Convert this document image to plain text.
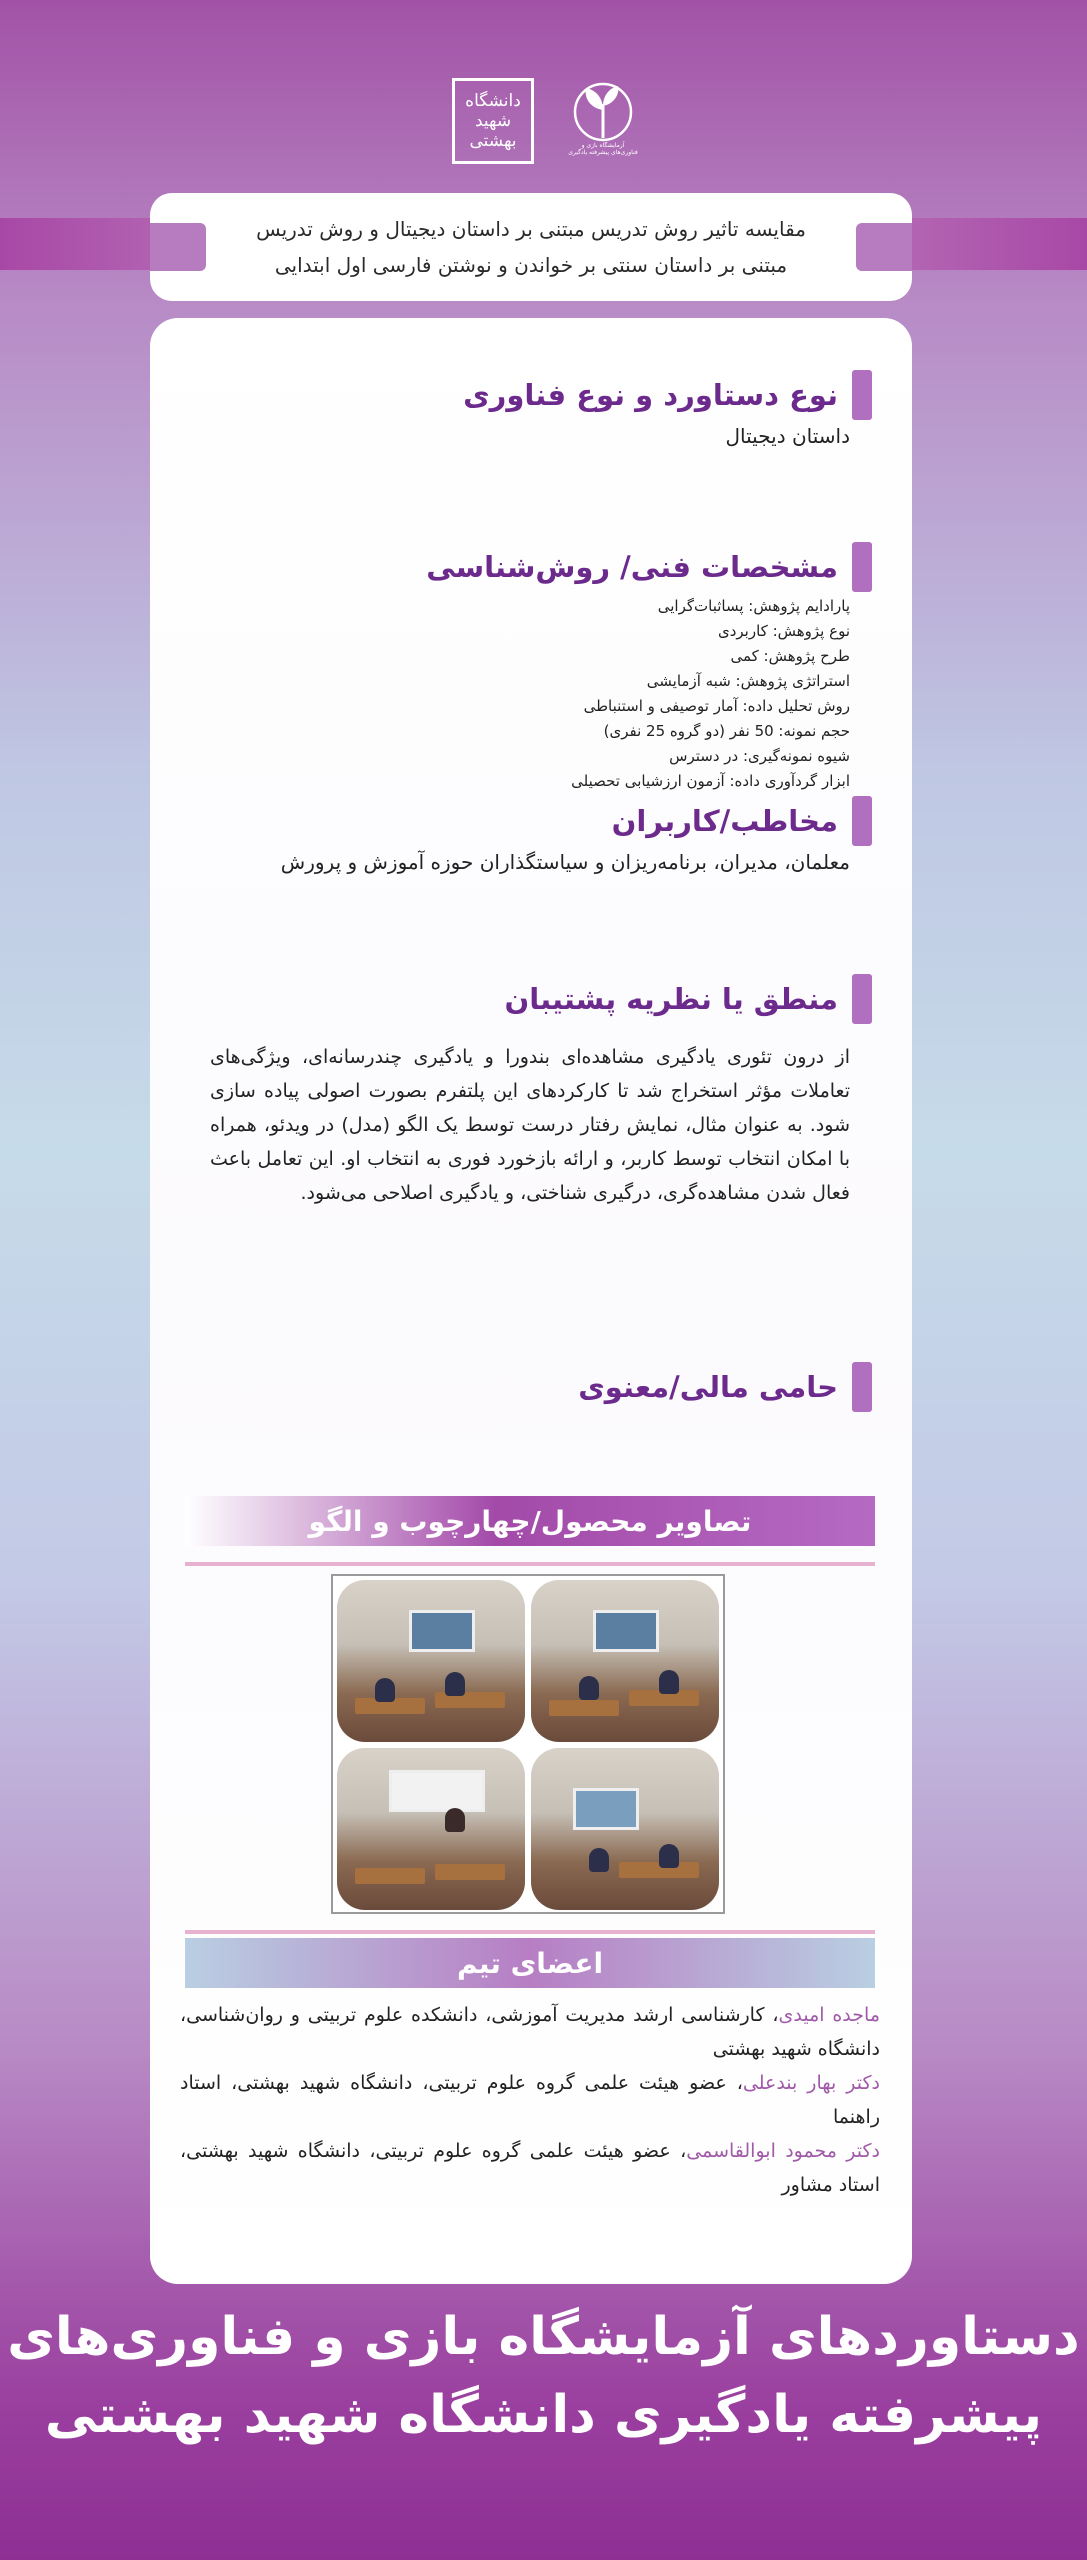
دانشگاه
شهید
بهشتی	آزمایشگاه بازی و فناوری‌های پیشرفته یادگیری
مقایسه تاثیر روش تدریس مبتنی بر داستان دیجیتال و روش تدریس
مبتنی بر داستان سنتی بر خواندن و نوشتن فارسی اول ابتدایی
نوع دستاورد و نوع فناوری
داستان دیجیتال
مشخصات فنی/ روش‌شناسی
پارادایم پژوهش: پساثبات‌گرایی
نوع پژوهش: کاربردی
طرح پژوهش: کمی
استراتژی پژوهش: شبه آزمایشی
روش تحلیل داده: آمار توصیفی و استنباطی
حجم نمونه: 50 نفر (دو گروه 25 نفری)
شیوه نمونه‌گیری: در دسترس
ابزار گردآوری داده: آزمون ارزشیابی تحصیلی
مخاطب/کاربران
معلمان، مدیران، برنامه‌ریزان و سیاستگذاران حوزه آموزش و پرورش
منطق یا نظریه پشتیبان
از درون تئوری یادگیری مشاهده‌ای بندورا و یادگیری چندرسانه‌ای، ویژگی‌های تعاملات مؤثر استخراج شد تا کارکردهای این پلتفرم بصورت اصولی پیاده سازی شود. به عنوان مثال، نمایش رفتار درست توسط یک الگو (مدل) در ویدئو، همراه با امکان انتخاب توسط کاربر، و ارائه بازخورد فوری به انتخاب او. این تعامل باعث فعال شدن مشاهده‌گری، درگیری شناختی، و یادگیری اصلاحی می‌شود.
حامی مالی/معنوی
تصاویر محصول/چهارچوب و الگو
اعضای تیم
ماجده امیدی، کارشناسی ارشد مدیریت آموزشی، دانشکده علوم تربیتی و روان‌شناسی، دانشگاه شهید بهشتی
دکتر بهار بندعلی، عضو هیئت علمی گروه علوم تربیتی، دانشگاه شهید بهشتی، استاد راهنما
دکتر محمود ابوالقاسمی، عضو هیئت علمی گروه علوم تربیتی، دانشگاه شهید بهشتی، استاد مشاور
دستاوردهای آزمایشگاه بازی و فناوری‌های
پیشرفته یادگیری دانشگاه شهید بهشتی
